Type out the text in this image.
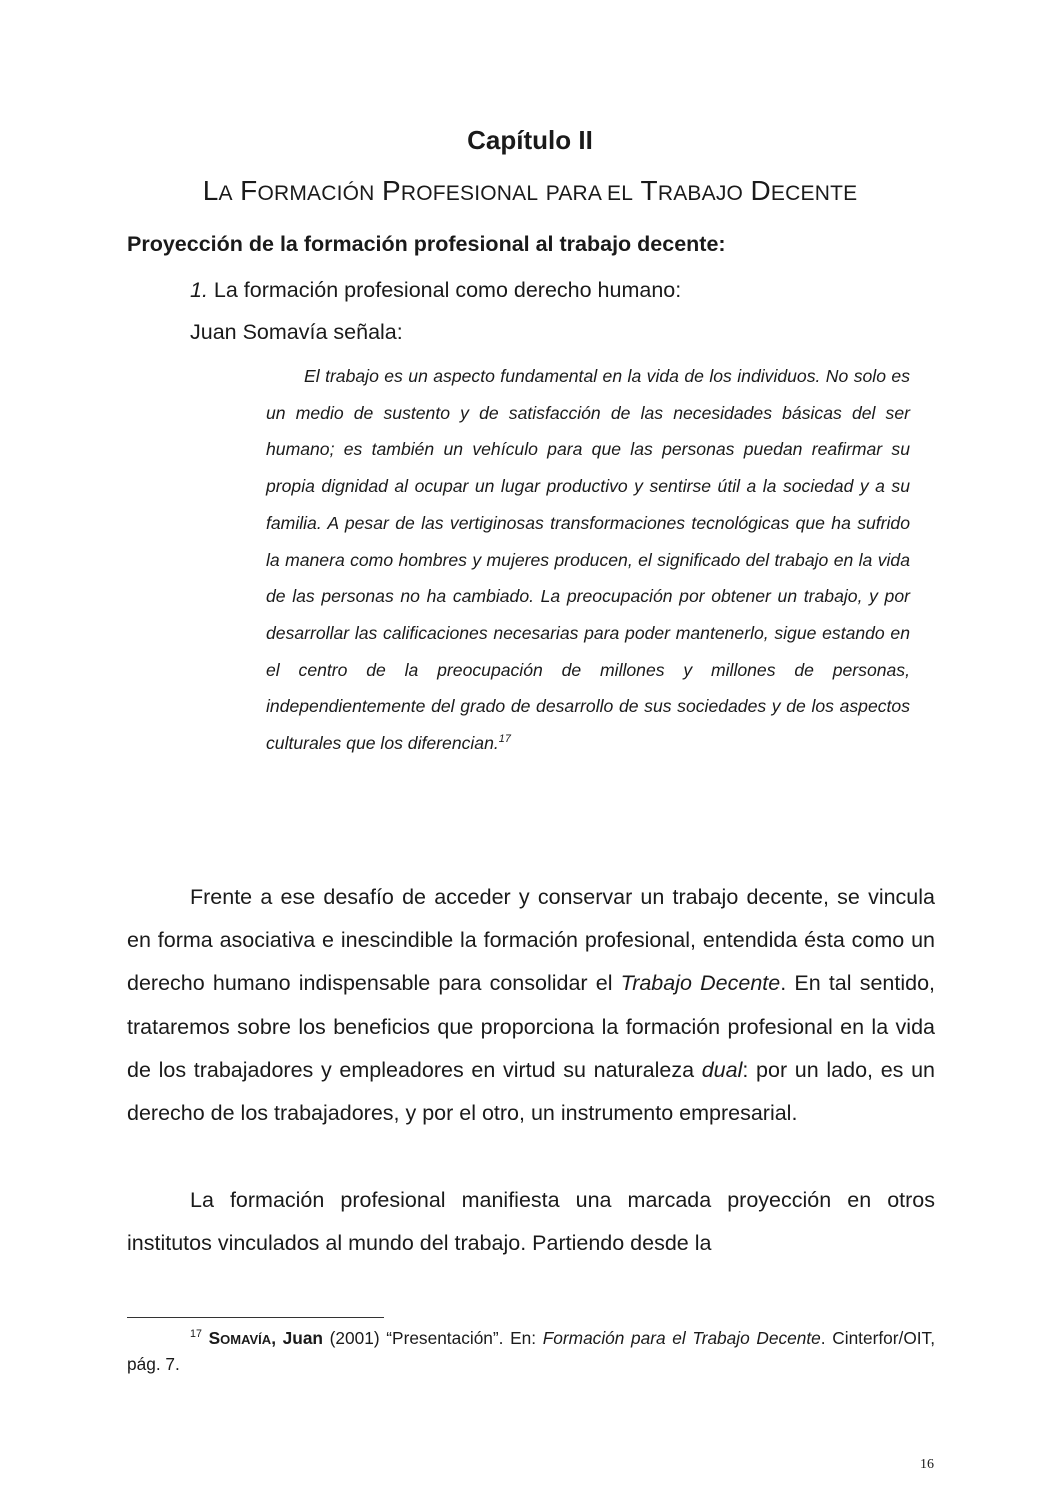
Capítulo II
LA FORMACIÓN PROFESIONAL PARA EL TRABAJO DECENTE
Proyección de la formación profesional al trabajo decente:
1. La formación profesional como derecho humano:
Juan Somavía señala:
El trabajo es un aspecto fundamental en la vida de los individuos. No solo es un medio de sustento y de satisfacción de las necesidades básicas del ser humano; es también un vehículo para que las personas puedan reafirmar su propia dignidad al ocupar un lugar productivo y sentirse útil a la sociedad y a su familia. A pesar de las vertiginosas transformaciones tecnológicas que ha sufrido la manera como hombres y mujeres producen, el significado del trabajo en la vida de las personas no ha cambiado. La preocupación por obtener un trabajo, y por desarrollar las calificaciones necesarias para poder mantenerlo, sigue estando en el centro de la preocupación de millones y millones de personas, independientemente del grado de desarrollo de sus sociedades y de los aspectos culturales que los diferencian.$^{17}$

Frente a ese desafío de acceder y conservar un trabajo decente, se vincula en forma asociativa e inescindible la formación profesional, entendida ésta como un derecho humano indispensable para consolidar el Trabajo Decente. En tal sentido, trataremos sobre los beneficios que proporciona la formación profesional en la vida de los trabajadores y empleadores en virtud su naturaleza dual: por un lado, es un derecho de los trabajadores, y por el otro, un instrumento empresarial.

La formación profesional manifiesta una marcada proyección en otros institutos vinculados al mundo del trabajo. Partiendo desde la

$^{17}$ SOMAVÍA, Juan (2001) “Presentación”. En: Formación para el Trabajo Decente. Cinterfor/OIT, pág. 7.
16
